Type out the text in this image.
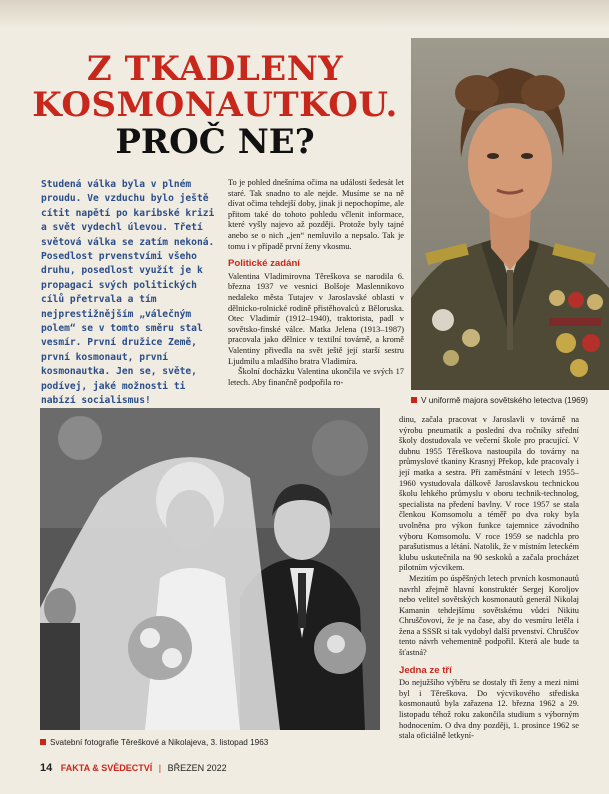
Z TKADLENY
KOSMONAUTKOU.
PROČ NE?
V uniformě majora sovětského letectva (1969)
Studená válka byla v plném proudu. Ve vzduchu bylo ještě cítit napětí po karibské krizi a svět vydechl úlevou. Třetí světová válka se zatím nekoná. Posedlost prvenstvími všeho druhu, posedlost využít je k propagaci svých politických cílů přetrvala a tím nejprestižnějším „válečným polem“ se v tomto směru stal vesmír. První družice Země, první kosmonaut, první kosmonautka. Jen se, světe, podívej, jaké možnosti ti nabízí socialismus!

To je pohled dnešníma očima na události šedesát let staré. Tak snadno to ale nejde. Musíme se na ně dívat očima tehdejší doby, jinak ji nepochopíme, ale přitom také do tohoto pohledu včlenit informace, které vyšly najevo až později. Protože byly tajné anebo se o nich „jen“ nemluvilo a nepsalo. Tak je tomu i v případě první ženy vkosmu.

Politické zadání

Valentina Vladimirovna Těreškova se narodila 6. března 1937 ve vesnici Bolšoje Maslennikovo nedaleko města Tutajev v Jaroslavské oblasti v dělnicko-rolnické rodině přistěhovalců z Běloruska. Otec Vladimír (1912–1940), traktorista, padl v sovětsko-finské válce. Matka Jelena (1913–1987) pracovala jako dělnice v textilní továrně, a kromě Valentiny přivedla na svět ještě její starší sestru Ljudmilu a mladšího bratra Vladimíra.

Školní docházku Valentina ukončila ve svých 17 letech. Aby finančně podpořila ro-

Svatební fotografie Těreškové a Nikolajeva, 3. listopad 1963

dinu, začala pracovat v Jaroslavli v továrně na výrobu pneumatik a poslední dva ročníky střední školy dostudovala ve večerní škole pro pracující. V dubnu 1955 Těreškova nastoupila do továrny na průmyslové tkaniny Krasnyj Překop, kde pracovaly i její matka a sestra. Při zaměstnání v letech 1955–1960 vystudovala dálkově Jaroslavskou technickou školu lehkého průmyslu v oboru technik-technolog, specialista na předení bavlny. V roce 1957 se stala členkou Komsomolu a téměř po dva roky byla uvolněna pro výkon funkce tajemnice závodního výboru Komsomolu. V roce 1959 se nadchla pro parašutismus a létání. Natolik, že v místním leteckém klubu uskutečnila na 90 seskoků a začala procházet pilotním výcvikem.

Mezitím po úspěšných letech prvních kosmonautů navrhl zřejmě hlavní konstruktér Sergej Koroljov nebo velitel sovětských kosmonautů generál Nikolaj Kamanin tehdejšímu sovětskému vůdci Nikitu Chruščovovi, že je na čase, aby do vesmíru letěla i žena a SSSR si tak vydobyl další prvenství. Chruščov tento návrh vehementně podpořil. Která ale bude ta šťastná?

Jedna ze tří

Do nejužšího výběru se dostaly tři ženy a mezi nimi byl i Těreškova. Do výcvikového střediska kosmonautů byla zařazena 12. března 1962 a 29. listopadu téhož roku zakončila studium s výborným hodnocením. O dva dny později, 1. prosince 1962 se stala oficiálně letkyní-

14 FAKTA & SVĚDECTVÍ | BŘEZEN 2022
